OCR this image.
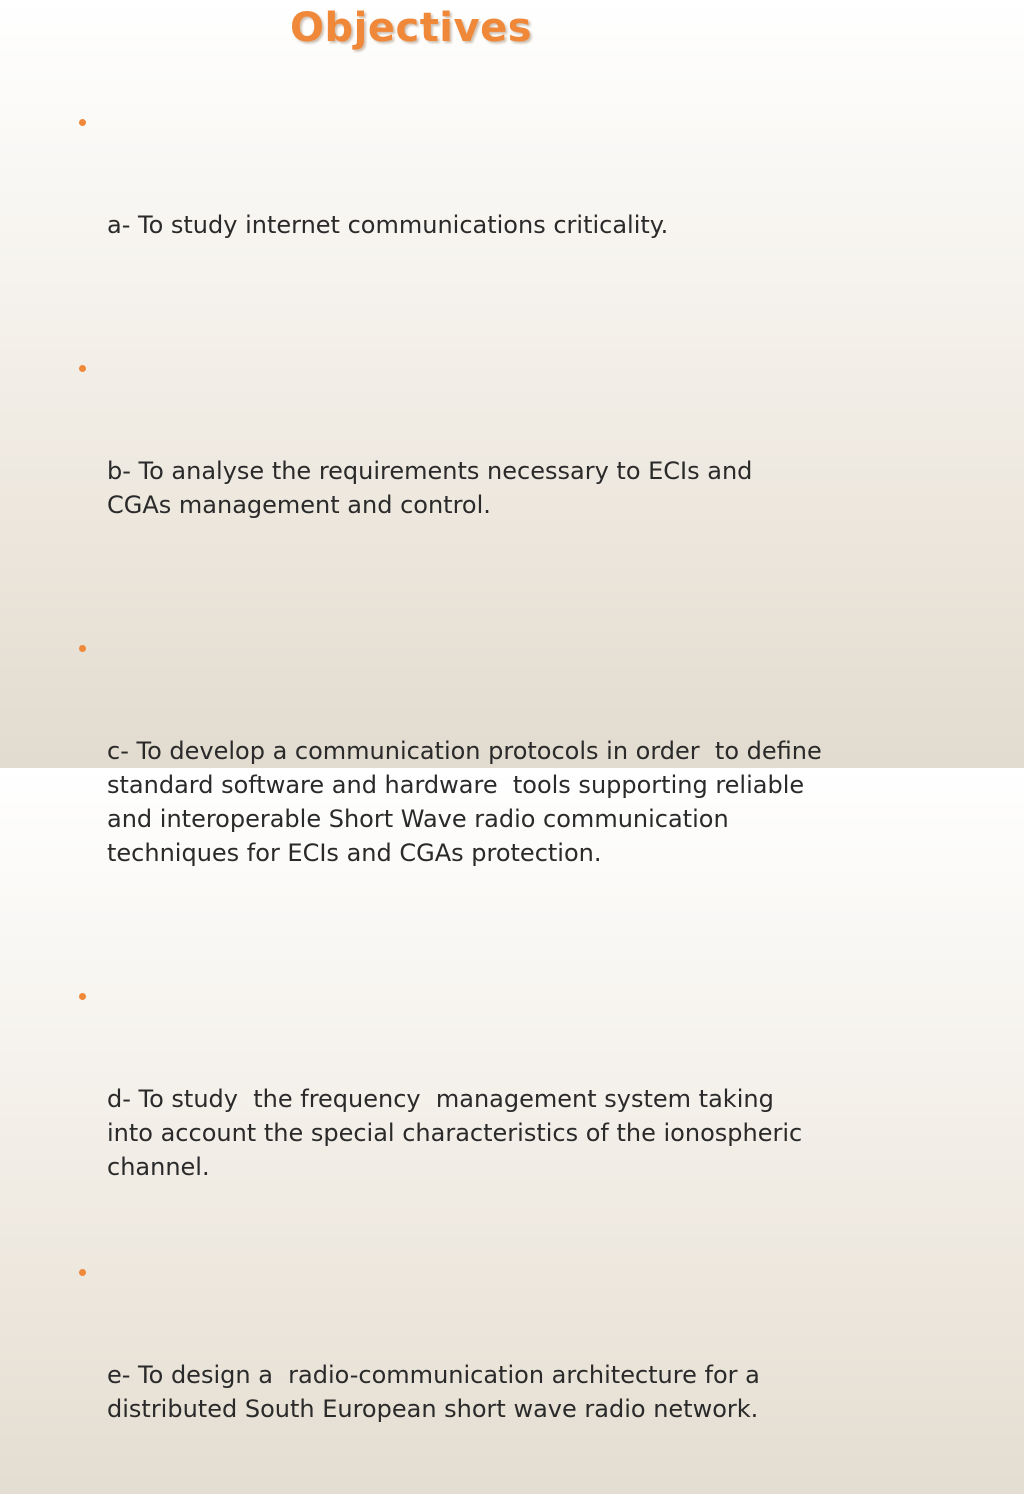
Objectives

a- To study internet communications criticality.

b- To analyse the requirements necessary to ECIs and
CGAs management and control.

c- To develop a communication protocols in order  to define
standard software and hardware  tools supporting reliable
and interoperable Short Wave radio communication
techniques for ECIs and CGAs protection.

d- To study  the frequency  management system taking
into account the special characteristics of the ionospheric
channel.

e- To design a  radio-communication architecture for a
distributed South European short wave radio network.
